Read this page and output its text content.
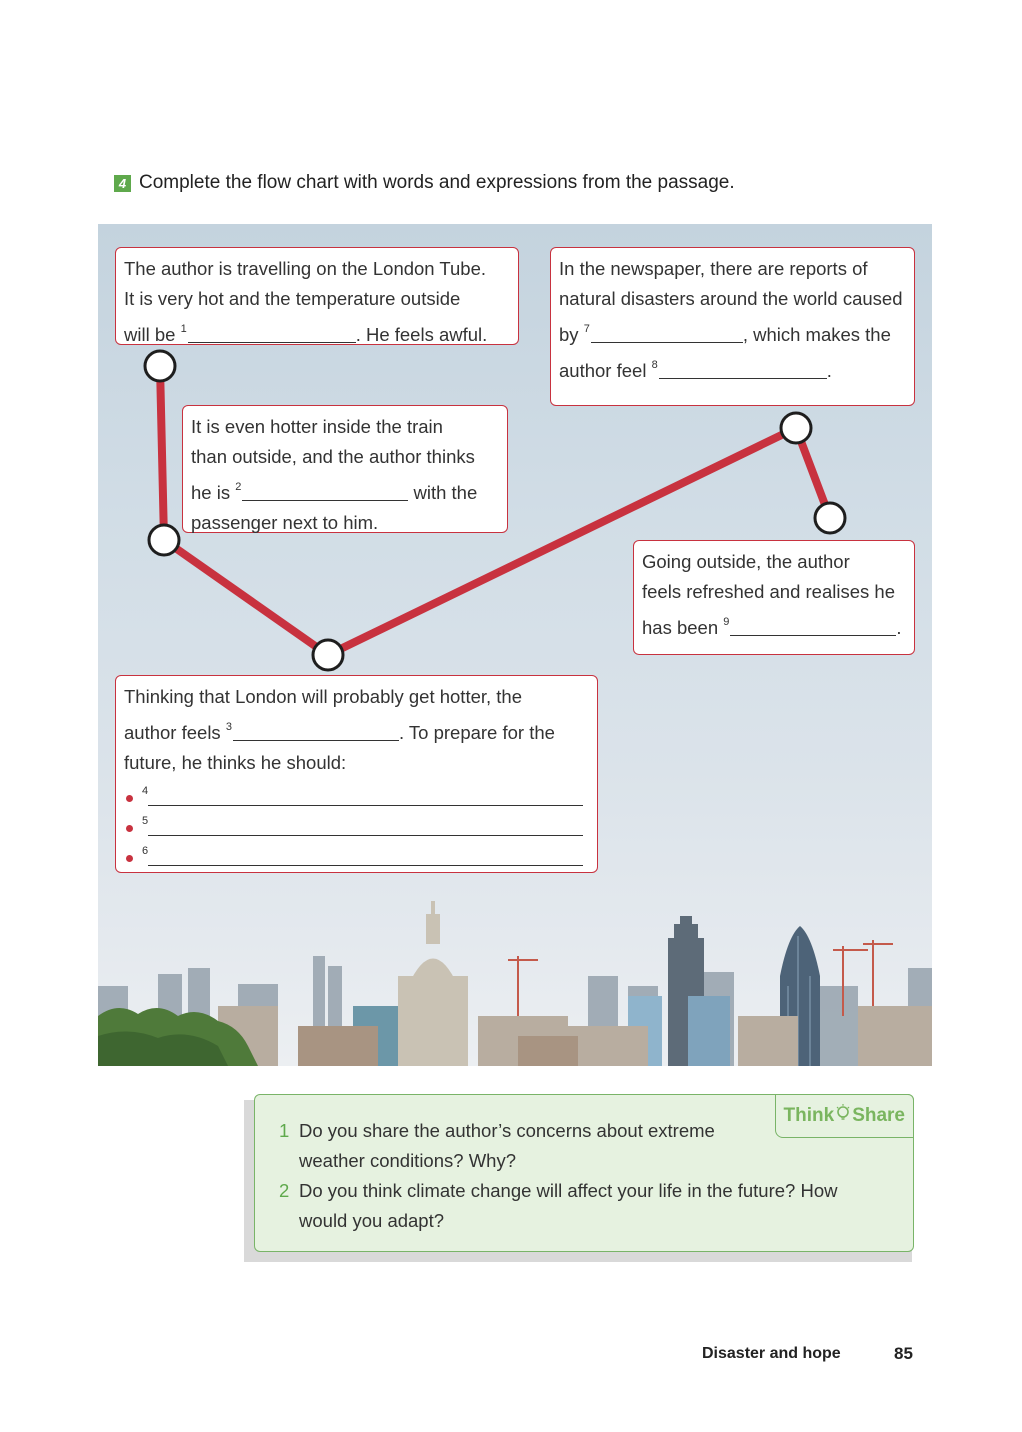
4 Complete the flow chart with words and expressions from the passage.
The author is travelling on the London Tube.
It is very hot and the temperature outside
will be $^1$	. He feels awful.
It is even hotter inside the train
than outside, and the author thinks
he is $^2$	with the
passenger next to him.
Thinking that London will probably get hotter, the
author feels $^3$	. To prepare for the
future, he thinks he should:
4
5
6
In the newspaper, there are reports of
natural disasters around the world caused
by $^7$	, which makes the
author feel $^8$	.
Going outside, the author
feels refreshed and realises he
has been $^9$	.
Think Share
1 Do you share the author’s concerns about extreme
weather conditions? Why?
2 Do you think climate change will affect your life in the future? How
would you adapt?
Disaster and hope	85
